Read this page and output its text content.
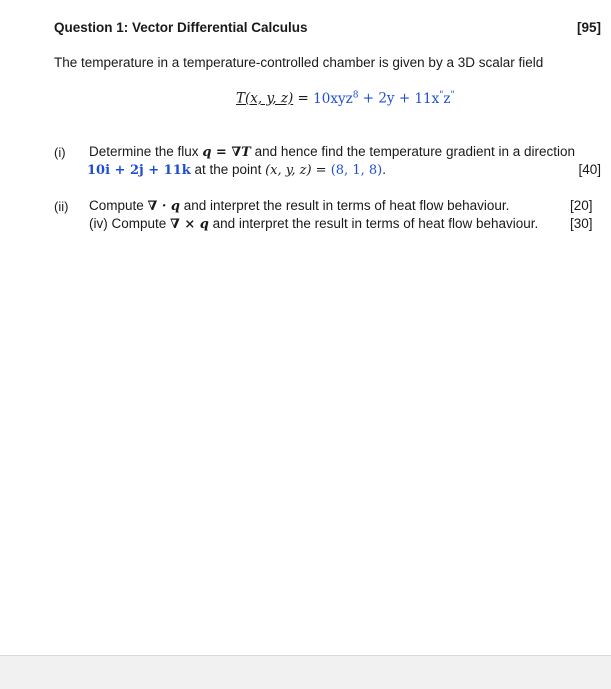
Question 1: Vector Differential Calculus	[95]
The temperature in a temperature-controlled chamber is given by a 3D scalar field
T(x, y, z) = 10xyz$^8$ + 2y + 11x"z"
(i) Determine the flux q = ∇T and hence find the temperature gradient in a direction
10i + 2j + 11k at the point (x, y, z) = (8, 1, 8).	[40]
(ii) Compute ∇ · q and interpret the result in terms of heat flow behaviour.	[20]
(iv) Compute ∇ × q and interpret the result in terms of heat flow behaviour. [30]
